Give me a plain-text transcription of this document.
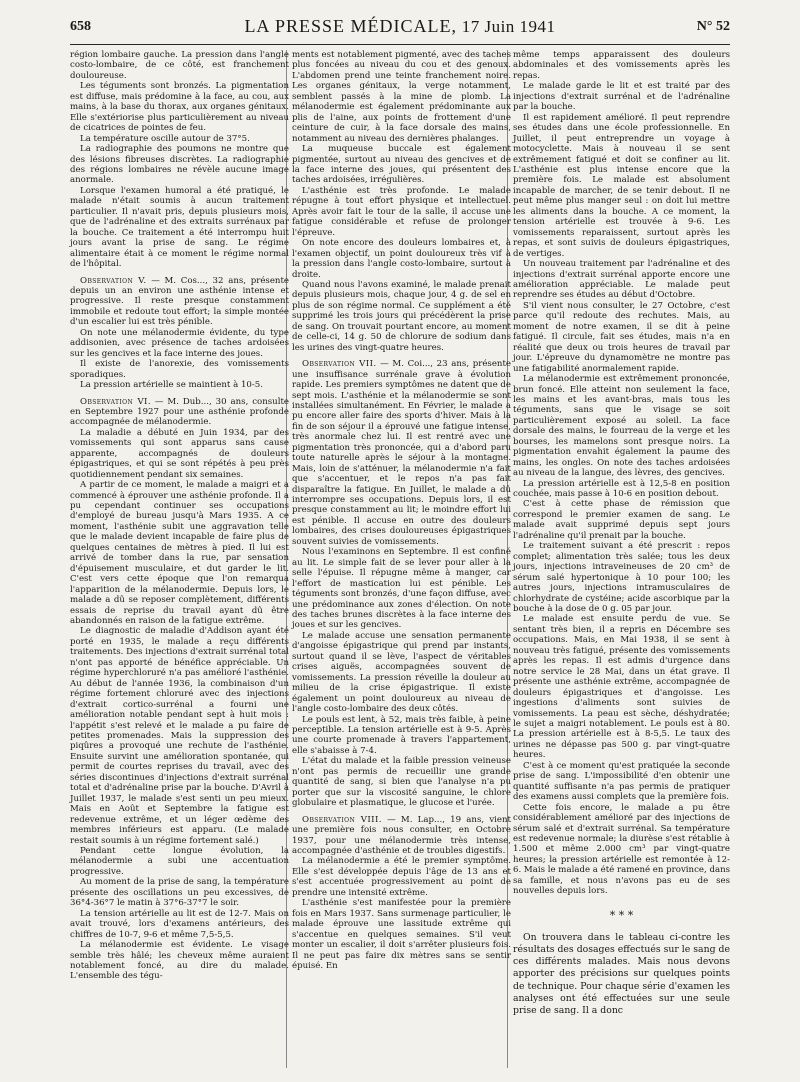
658	LA PRESSE MÉDICALE, 17 Juin 1941	N° 52

région lombaire gauche. La pression dans l'angle costo-lombaire, de ce côté, est franchement douloureuse.

Les téguments sont bronzés. La pigmentation est diffuse, mais prédomine à la face, au cou, aux mains, à la base du thorax, aux organes génitaux. Elle s'extériorise plus particulièrement au niveau de cicatrices de pointes de feu.

La température oscille autour de 37°5.

La radiographie des poumons ne montre que des lésions fibreuses discrètes. La radiographie des régions lombaires ne révèle aucune image anormale.

Lorsque l'examen humoral a été pratiqué, le malade n'était soumis à aucun traitement particulier. Il n'avait pris, depuis plusieurs mois, que de l'adrénaline et des extraits surrénaux par la bouche. Ce traitement a été interrompu huit jours avant la prise de sang. Le régime alimentaire était à ce moment le régime normal de l'hôpital.

Observation V. — M. Cos..., 32 ans, présente depuis un an environ une asthénie intense et progressive. Il reste presque constamment immobile et redoute tout effort; la simple montée d'un escalier lui est très pénible.

On note une mélanodermie évidente, du type addisonien, avec présence de taches ardoisées sur les gencives et la face interne des joues.

Il existe de l'anorexie, des vomissements sporadiques.

La pression artérielle se maintient à 10-5.

Observation VI. — M. Dub..., 30 ans, consulte en Septembre 1927 pour une asthénie profonde accompagnée de mélanodermie.

La maladie a débuté en Juin 1934, par des vomissements qui sont apparus sans cause apparente, accompagnés de douleurs épigastriques, et qui se sont répétés à peu près quotidiennement pendant six semaines.

A partir de ce moment, le malade a maigri et a commencé à éprouver une asthénie profonde. Il a pu cependant continuer ses occupations d'employé de bureau jusqu'à Mars 1935. A ce moment, l'asthénie subit une aggravation telle que le malade devient incapable de faire plus de quelques centaines de mètres à pied. Il lui est arrivé de tomber dans la rue, par sensation d'épuisement musculaire, et dut garder le lit. C'est vers cette époque que l'on remarqua l'apparition de la mélanodermie. Depuis lors, le malade a dû se reposer complètement, différents essais de reprise du travail ayant dû être abandonnés en raison de la fatigue extrême.

Le diagnostic de maladie d'Addison ayant été porté en 1935, le malade a reçu différents traitements. Des injections d'extrait surrénal total n'ont pas apporté de bénéfice appréciable. Un régime hyperchloruré n'a pas amélioré l'asthénie. Au début de l'année 1936, la combinaison d'un régime fortement chloruré avec des injections d'extrait cortico-surrénal a fourni une amélioration notable pendant sept à huit mois : l'appétit s'est relevé et le malade a pu faire de petites promenades. Mais la suppression des piqûres a provoqué une rechute de l'asthénie. Ensuite survint une amélioration spontanée, qui permit de courtes reprises du travail, avec des séries discontinues d'injections d'extrait surrénal total et d'adrénaline prise par la bouche. D'Avril à Juillet 1937, le malade s'est senti un peu mieux. Mais en Août et Septembre la fatigue est redevenue extrême, et un léger œdème des membres inférieurs est apparu. (Le malade restait soumis à un régime fortement salé.)

Pendant cette longue évolution, la mélanodermie a subi une accentuation progressive.

Au moment de la prise de sang, la température présente des oscillations un peu excessives, de 36°4-36°7 le matin à 37°6-37°7 le soir.

La tension artérielle au lit est de 12-7. Mais on avait trouvé, lors d'examens antérieurs, des chiffres de 10-7, 9-6 et même 7,5-5,5.

La mélanodermie est évidente. Le visage semble très hâlé; les cheveux même auraient notablement foncé, au dire du malade. L'ensemble des tégu-

ments est notablement pigmenté, avec des taches plus foncées au niveau du cou et des genoux. L'abdomen prend une teinte franchement noire. Les organes génitaux, la verge notamment, semblent passés à la mine de plomb. La mélanodermie est également prédominante aux plis de l'aine, aux points de frottement d'une ceinture de cuir, à la face dorsale des mains, notamment au niveau des dernières phalanges.

La muqueuse buccale est également pigmentée, surtout au niveau des gencives et de la face interne des joues, qui présentent des taches ardoisées, irrégulières.

L'asthénie est très profonde. Le malade répugne à tout effort physique et intellectuel. Après avoir fait le tour de la salle, il accuse une fatigue considérable et refuse de prolonger l'épreuve.

On note encore des douleurs lombaires et, à l'examen objectif, un point douloureux très vif à la pression dans l'angle costo-lombaire, surtout à droite.

Quand nous l'avons examiné, le malade prenait depuis plusieurs mois, chaque jour, 4 g. de sel en plus de son régime normal. Ce supplément a été supprimé les trois jours qui précédèrent la prise de sang. On trouvait pourtant encore, au moment de celle-ci, 14 g. 50 de chlorure de sodium dans les urines des vingt-quatre heures.

Observation VII. — M. Coi..., 23 ans, présente une insuffisance surrénale grave à évolution rapide. Les premiers symptômes ne datent que de sept mois. L'asthénie et la mélanodermie se sont installées simultanément. En Février, le malade a pu encore aller faire des sports d'hiver. Mais à la fin de son séjour il a éprouvé une fatigue intense, très anormale chez lui. Il est rentré avec une pigmentation très prononcée, qui a d'abord paru toute naturelle après le séjour à la montagne. Mais, loin de s'atténuer, la mélanodermie n'a fait que s'accentuer, et le repos n'a pas fait disparaître la fatigue. En Juillet, le malade a dû interrompre ses occupations. Depuis lors, il est presque constamment au lit; le moindre effort lui est pénible. Il accuse en outre des douleurs lombaires, des crises douloureuses épigastriques souvent suivies de vomissements.

Nous l'examinons en Septembre. Il est confiné au lit. Le simple fait de se lever pour aller à la selle l'épuise. Il répugne même à manger, car l'effort de mastication lui est pénible. Les téguments sont bronzés, d'une façon diffuse, avec une prédominance aux zones d'élection. On note des taches brunes discrètes à la face interne des joues et sur les gencives.

Le malade accuse une sensation permanente d'angoisse épigastrique qui prend par instants, surtout quand il se lève, l'aspect de véritables crises aiguës, accompagnées souvent de vomissements. La pression réveille la douleur au milieu de la crise épigastrique. Il existe également un point douloureux au niveau de l'angle costo-lombaire des deux côtés.

Le pouls est lent, à 52, mais très faible, à peine perceptible. La tension artérielle est à 9-5. Après une courte promenade à travers l'appartement, elle s'abaisse à 7-4.

L'état du malade et la faible pression veineuse n'ont pas permis de recueillir une grande quantité de sang, si bien que l'analyse n'a pu porter que sur la viscosité sanguine, le chlore globulaire et plasmatique, le glucose et l'urée.

Observation VIII. — M. Lap..., 19 ans, vient une première fois nous consulter, en Octobre 1937, pour une mélanodermie très intense, accompagnée d'asthénie et de troubles digestifs.

La mélanodermie a été le premier symptôme. Elle s'est développée depuis l'âge de 13 ans et s'est accentuée progressivement au point de prendre une intensité extrême.

L'asthénie s'est manifestée pour la première fois en Mars 1937. Sans surmenage particulier, le malade éprouve une lassitude extrême qui s'accentue en quelques semaines. S'il veut monter un escalier, il doit s'arrêter plusieurs fois. Il ne peut pas faire dix mètres sans se sentir épuisé. En

même temps apparaissent des douleurs abdominales et des vomissements après les repas.

Le malade garde le lit et est traité par des injections d'extrait surrénal et de l'adrénaline par la bouche.

Il est rapidement amélioré. Il peut reprendre ses études dans une école professionnelle. En Juillet, il peut entreprendre un voyage à motocyclette. Mais à nouveau il se sent extrêmement fatigué et doit se confiner au lit. L'asthénie est plus intense encore que la première fois. Le malade est absolument incapable de marcher, de se tenir debout. Il ne peut même plus manger seul : on doit lui mettre les aliments dans la bouche. A ce moment, la tension artérielle est trouvée à 9-6. Les vomissements reparaissent, surtout après les repas, et sont suivis de douleurs épigastriques, de vertiges.

Un nouveau traitement par l'adrénaline et des injections d'extrait surrénal apporte encore une amélioration appréciable. Le malade peut reprendre ses études au début d'Octobre.

S'il vient nous consulter, le 27 Octobre, c'est parce qu'il redoute des rechutes. Mais, au moment de notre examen, il se dit à peine fatigué. Il circule, fait ses études, mais n'a en réalité que deux ou trois heures de travail par jour. L'épreuve du dynamomètre ne montre pas une fatigabilité anormalement rapide.

La mélanodermie est extrêmement prononcée, brun foncé. Elle atteint non seulement la face, les mains et les avant-bras, mais tous les téguments, sans que le visage se soit particulièrement exposé au soleil. La face dorsale des mains, le fourreau de la verge et les bourses, les mamelons sont presque noirs. La pigmentation envahit également la paume des mains, les ongles. On note des taches ardoisées au niveau de la langue, des lèvres, des gencives.

La pression artérielle est à 12,5-8 en position couchée, mais passe à 10-6 en position debout.

C'est à cette phase de rémission que correspond le premier examen de sang. Le malade avait supprimé depuis sept jours l'adrénaline qu'il prenait par la bouche.

Le traitement suivant a été prescrit : repos complet; alimentation très salée; tous les deux jours, injections intraveineuses de 20 cm³ de sérum salé hypertonique à 10 pour 100; les autres jours, injections intramusculaires de chlorhydrate de cystéine; acide ascorbique par la bouche à la dose de 0 g. 05 par jour.

Le malade est ensuite perdu de vue. Se sentant très bien, il a repris en Décembre ses occupations. Mais, en Mai 1938, il se sent à nouveau très fatigué, présente des vomissements après les repas. Il est admis d'urgence dans notre service le 28 Mai, dans un état grave. Il présente une asthénie extrême, accompagnée de douleurs épigastriques et d'angoisse. Les ingestions d'aliments sont suivies de vomissements. La peau est sèche, déshydratée; le sujet a maigri notablement. Le pouls est à 80. La pression artérielle est à 8-5,5. Le taux des urines ne dépasse pas 500 g. par vingt-quatre heures.

C'est à ce moment qu'est pratiquée la seconde prise de sang. L'impossibilité d'en obtenir une quantité suffisante n'a pas permis de pratiquer des examens aussi complets que la première fois.

Cette fois encore, le malade a pu être considérablement amélioré par des injections de sérum salé et d'extrait surrénal. Sa température est redevenue normale; la diurèse s'est rétablie à 1.500 et même 2.000 cm³ par vingt-quatre heures; la pression artérielle est remontée à 12-6. Mais le malade a été ramené en province, dans sa famille, et nous n'avons pas eu de ses nouvelles depuis lors.

* * *

On trouvera dans le tableau ci-contre les résultats des dosages effectués sur le sang de ces différents malades. Mais nous devons apporter des précisions sur quelques points de technique. Pour chaque série d'examen les analyses ont été effectuées sur une seule prise de sang. Il a donc
